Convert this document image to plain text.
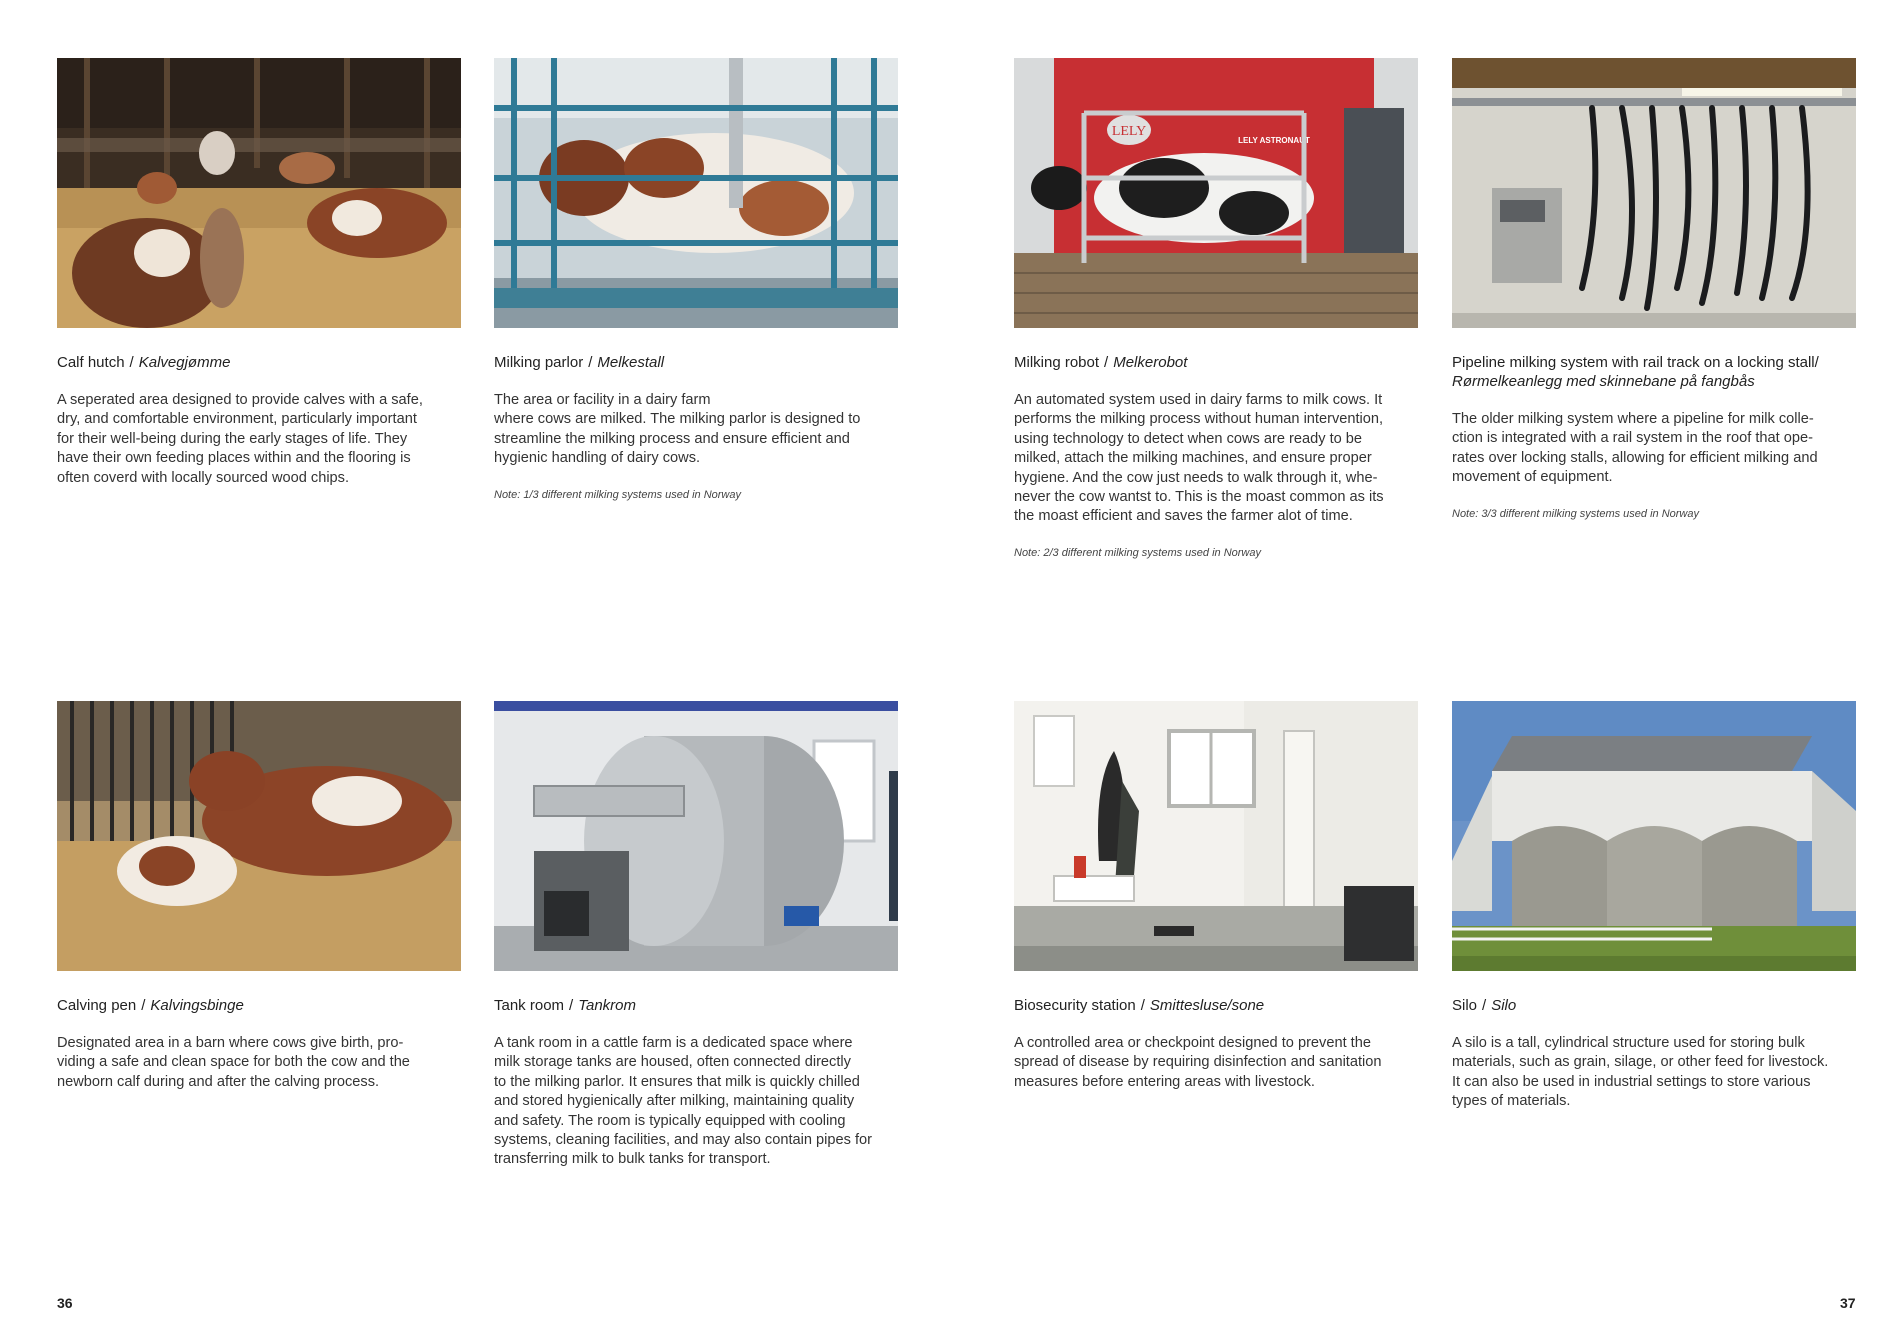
Calf hutch / Kalvegjømme
A seperated area designed to provide calves with a safe,
dry, and comfortable environment, particularly important
for their well-being during the early stages of life. They
have their own feeding places within and the flooring is
often coverd with locally sourced wood chips.
Milking parlor / Melkestall
The area or facility in a dairy farm
where cows are milked. The milking parlor is designed to
streamline the milking process and ensure efficient and
hygienic handling of dairy cows.
Note: 1/3 different milking systems used in Norway
LELY
LELY ASTRONAUT
Milking robot / Melkerobot
An automated system used in dairy farms to milk cows. It
performs the milking process without human intervention,
using technology to detect when cows are ready to be
milked, attach the milking machines, and ensure proper
hygiene. And the cow just needs to walk through it, whe-
never the cow wantst to. This is the moast common as its
the moast efficient and saves the farmer alot of time.
Note: 2/3 different milking systems used in Norway
Pipeline milking system with rail track on a locking stall/
Rørmelkeanlegg med skinnebane på fangbås
The older milking system where a pipeline for milk colle-
ction is integrated with a rail system in the roof that ope-
rates over locking stalls, allowing for efficient milking and
movement of equipment.
Note: 3/3 different milking systems used in Norway
Calving pen / Kalvingsbinge
Designated area in a barn where cows give birth, pro-
viding a safe and clean space for both the cow and the
newborn calf during and after the calving process.
Tank room / Tankrom
A tank room in a cattle farm is a dedicated space where
milk storage tanks are housed, often connected directly
to the milking parlor. It ensures that milk is quickly chilled
and stored hygienically after milking, maintaining quality
and safety. The room is typically equipped with cooling
systems, cleaning facilities, and may also contain pipes for
transferring milk to bulk tanks for transport.
Biosecurity station / Smittesluse/sone
A controlled area or checkpoint designed to prevent the
spread of disease by requiring disinfection and sanitation
measures before entering areas with livestock.
Silo / Silo
A silo is a tall, cylindrical structure used for storing bulk
materials, such as grain, silage, or other feed for livestock.
It can also be used in industrial settings to store various
types of materials.
36	37
